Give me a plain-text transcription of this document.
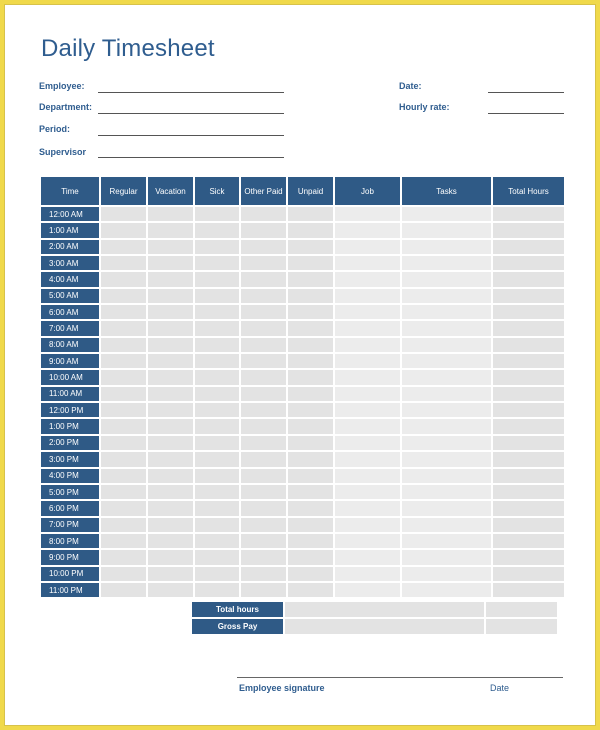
Daily Timesheet
Employee:
Department:
Period:
Supervisor
Date:
Hourly rate:
Time	Regular	Vacation	Sick	Other Paid	Unpaid	Job	Tasks	Total Hours
12:00 AM								
1:00 AM								
2:00 AM								
3:00 AM								
4:00 AM								
5:00 AM								
6:00 AM								
7:00 AM								
8:00 AM								
9:00 AM								
10:00 AM								
11:00 AM								
12:00 PM								
1:00 PM								
2:00 PM								
3:00 PM								
4:00 PM								
5:00 PM								
6:00 PM								
7:00 PM								
8:00 PM								
9:00 PM								
10:00 PM								
11:00 PM								
Total hours		
Gross Pay		
Employee signature	Date
